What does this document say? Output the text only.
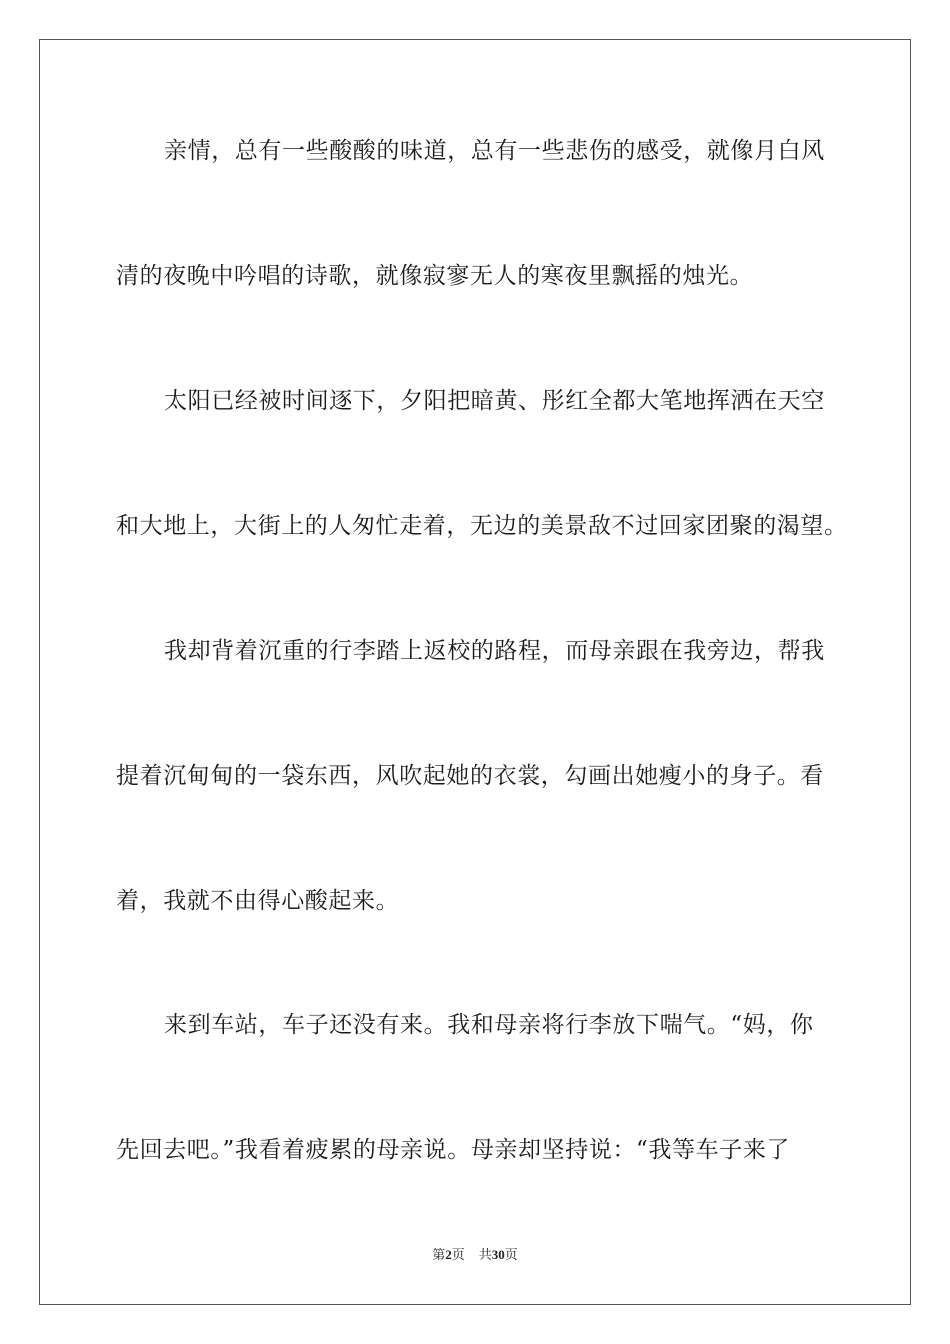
亲情，总有一些酸酸的味道，总有一些悲伤的感受，就像月白风
清的夜晚中吟唱的诗歌，就像寂寥无人的寒夜里飘摇的烛光。
太阳已经被时间逐下，夕阳把暗黄、彤红全都大笔地挥洒在天空
和大地上，大街上的人匆忙走着，无边的美景敌不过回家团聚的渴望。
我却背着沉重的行李踏上返校的路程，而母亲跟在我旁边，帮我
提着沉甸甸的一袋东西，风吹起她的衣裳，勾画出她瘦小的身子。看
着，我就不由得心酸起来。
来到车站，车子还没有来。我和母亲将行李放下喘气。“妈，你
先回去吧。”我看着疲累的母亲说。母亲却坚持说：“我等车子来了
第2页 共30页
